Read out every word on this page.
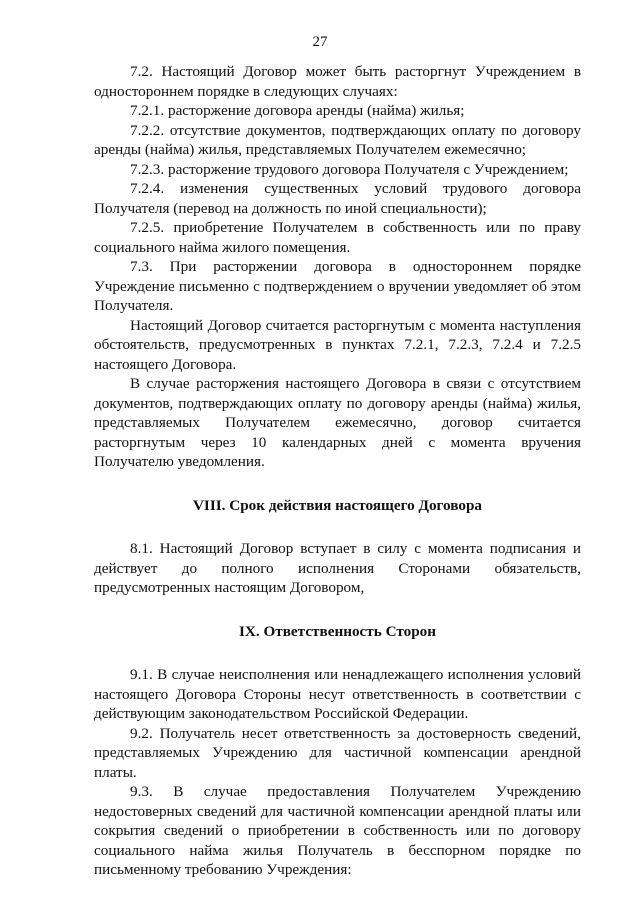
27

7.2. Настоящий Договор может быть расторгнут Учреждением в одностороннем порядке в следующих случаях:

7.2.1. расторжение договора аренды (найма) жилья;

7.2.2. отсутствие документов, подтверждающих оплату по договору аренды (найма) жилья, представляемых Получателем ежемесячно;

7.2.3. расторжение трудового договора Получателя с Учреждением;

7.2.4. изменения существенных условий трудового договора Получателя (перевод на должность по иной специальности);

7.2.5. приобретение Получателем в собственность или по праву социального найма жилого помещения.

7.3. При расторжении договора в одностороннем порядке Учреждение письменно с подтверждением о вручении уведомляет об этом Получателя.

Настоящий Договор считается расторгнутым с момента наступления обстоятельств, предусмотренных в пунктах 7.2.1, 7.2.3, 7.2.4 и 7.2.5 настоящего Договора.

В случае расторжения настоящего Договора в связи с отсутствием документов, подтверждающих оплату по договору аренды (найма) жилья, представляемых Получателем ежемесячно, договор считается расторгнутым через 10 календарных дней с момента вручения Получателю уведомления.

VIII. Срок действия настоящего Договора

8.1. Настоящий Договор вступает в силу с момента подписания и действует до полного исполнения Сторонами обязательств, предусмотренных настоящим Договором,

IX. Ответственность Сторон

9.1. В случае неисполнения или ненадлежащего исполнения условий настоящего Договора Стороны несут ответственность в соответствии с действующим законодательством Российской Федерации.

9.2. Получатель несет ответственность за достоверность сведений, представляемых Учреждению для частичной компенсации арендной платы.

9.3. В случае предоставления Получателем Учреждению недостоверных сведений для частичной компенсации арендной платы или сокрытия сведений о приобретении в собственность или по договору социального найма жилья Получатель в бесспорном порядке по письменному требованию Учреждения:
